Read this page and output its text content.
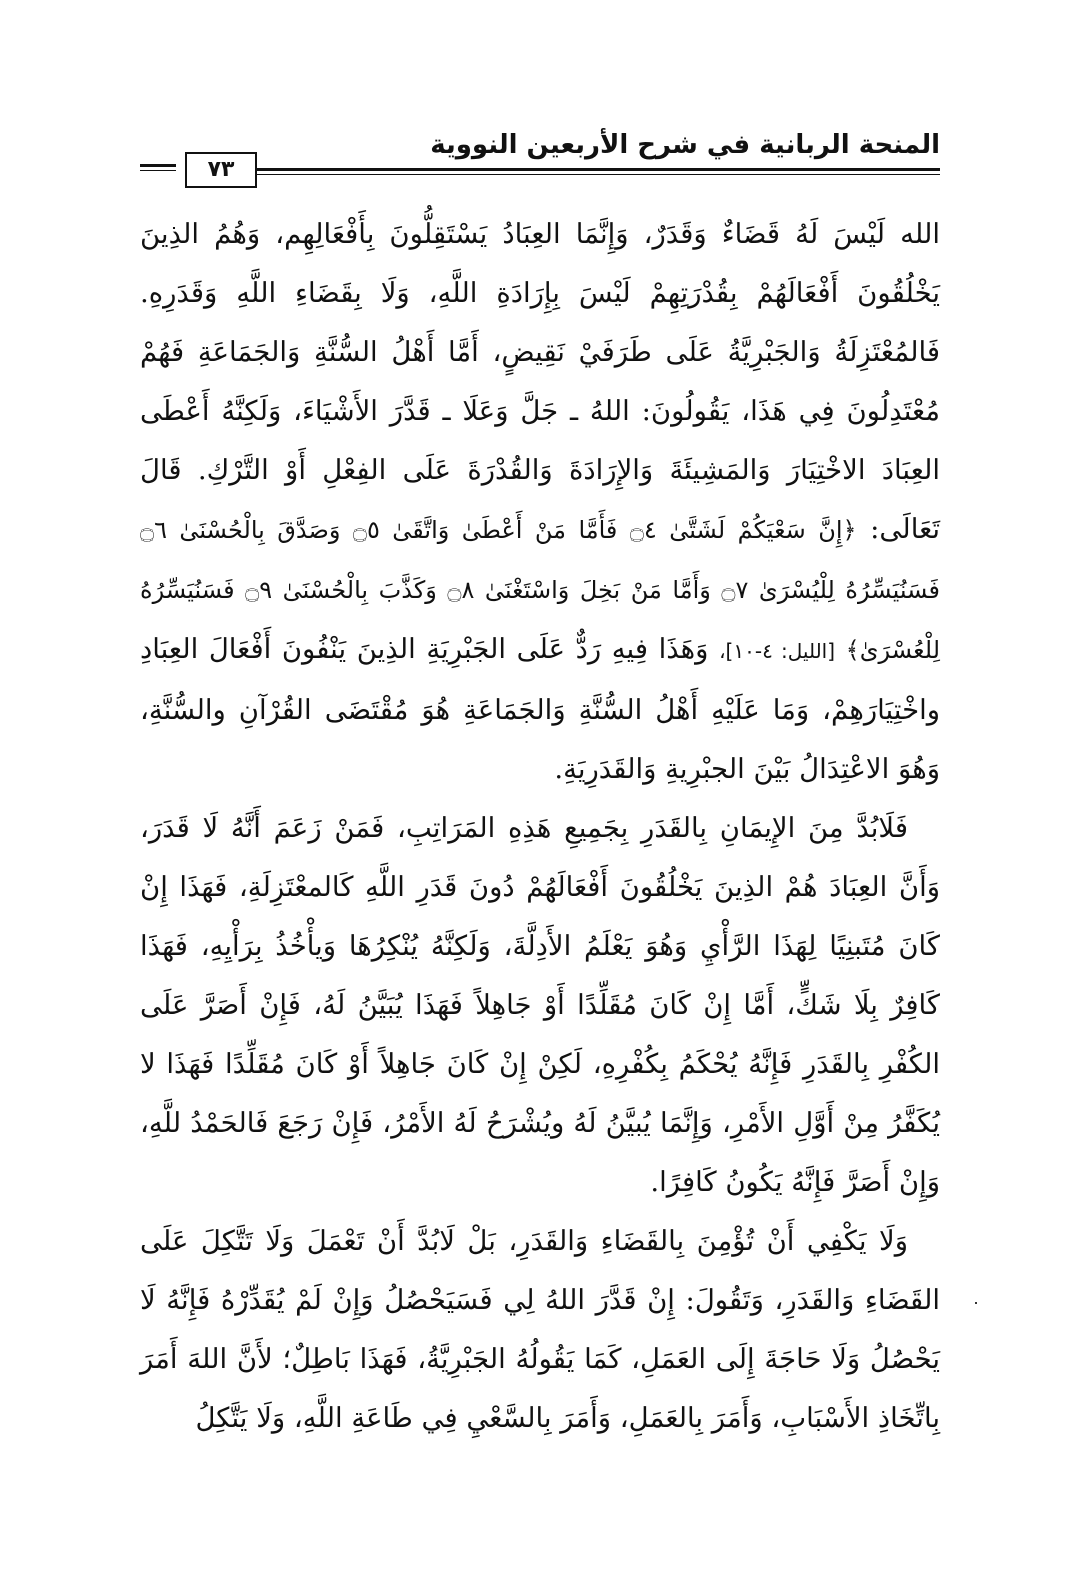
المنحة الربانية في شرح الأربعين النووية
٧٣

الله لَيْسَ لَهُ قَضَاءٌ وَقَدَرٌ، وَإِنَّمَا العِبَادُ يَسْتَقِلُّونَ بِأَفْعَالِهِم، وَهُمُ الذِينَ يَخْلُقُونَ أَفْعَالَهُمْ بِقُدْرَتِهِمْ لَيْسَ بِإِرَادَةِ اللَّهِ، وَلَا بِقَضَاءِ اللَّهِ وَقَدَرِهِ. فَالمُعْتَزِلَةُ وَالجَبْرِيَّةُ عَلَى طَرَفَيْ نَقِيضٍ، أَمَّا أَهْلُ السُّنَّةِ وَالجَمَاعَةِ فَهُمْ مُعْتَدِلُونَ فِي هَذَا، يَقُولُونَ: اللهُ ـ جَلَّ وَعَلَا ـ قَدَّرَ الأَشْيَاءَ، وَلَكِنَّهُ أَعْطَى العِبَادَ الاخْتِيَارَ وَالمَشِيئَةَ وَالإِرَادَةَ وَالقُدْرَةَ عَلَى الفِعْلِ أَوْ التَّرْكِ. قَالَ تَعَالَى: ﴿إِنَّ سَعْيَكُمْ لَشَتَّىٰ ۝٤ فَأَمَّا مَنْ أَعْطَىٰ وَاتَّقَىٰ ۝٥ وَصَدَّقَ بِالْحُسْنَىٰ ۝٦ فَسَنُيَسِّرُهُ لِلْيُسْرَىٰ ۝٧ وَأَمَّا مَنْ بَخِلَ وَاسْتَغْنَىٰ ۝٨ وَكَذَّبَ بِالْحُسْنَىٰ ۝٩ فَسَنُيَسِّرُهُ لِلْعُسْرَىٰ﴾ [الليل: ٤-١٠]، وَهَذَا فِيهِ رَدٌّ عَلَى الجَبْرِيَةِ الذِينَ يَنْفُونَ أَفْعَالَ العِبَادِ واخْتِيَارَهِمْ، وَمَا عَلَيْهِ أَهْلُ السُّنَّةِ وَالجَمَاعَةِ هُوَ مُقْتَضَى القُرْآنِ والسُّنَّةِ، وَهُوَ الاعْتِدَالُ بَيْنَ الجبْرِيةِ وَالقَدَرِيَةِ.

فَلَابُدَّ مِنَ الإِيمَانِ بِالقَدَرِ بِجَمِيعِ هَذِهِ المَرَاتِبِ، فَمَنْ زَعَمَ أَنَّهُ لَا قَدَرَ، وَأَنَّ العِبَادَ هُمْ الذِينَ يَخْلُقُونَ أَفْعَالَهُمْ دُونَ قَدَرِ اللَّهِ كَالمعْتَزِلَةِ، فَهَذَا إِنْ كَانَ مُتَبنِيًا لِهَذَا الرَّأْيِ وَهُوَ يَعْلَمُ الأَدِلَّةَ، وَلَكِنَّهُ يُنْكِرُهَا وَيأْخُذُ بِرَأْيِهِ، فَهَذَا كَافِرٌ بِلَا شَكٍّ، أَمَّا إِنْ كَانَ مُقَلِّدًا أَوْ جَاهِلاً فَهَذَا يُبَيَّنُ لَهُ، فَإِنْ أَصَرَّ عَلَى الكُفْرِ بِالقَدَرِ فَإِنَّهُ يُحْكَمُ بِكُفْرِهِ، لَكِنْ إِنْ كَانَ جَاهِلاً أَوْ كَانَ مُقَلِّدًا فَهَذَا لا يُكَفَّرُ مِنْ أَوَّلِ الأَمْرِ، وَإِنَّمَا يُبيَّنُ لَهُ ويُشْرَحُ لَهُ الأَمْرُ، فَإِنْ رَجَعَ فَالحَمْدُ للَّهِ، وَإِنْ أَصَرَّ فَإِنَّهُ يَكُونُ كَافِرًا.

وَلَا يَكْفِي أَنْ تُؤْمِنَ بِالقَضَاءِ وَالقَدَرِ، بَلْ لَابُدَّ أَنْ تَعْمَلَ وَلَا تَتَّكِلَ عَلَى القَضَاءِ وَالقَدَرِ، وَتَقُولَ: إِنْ قَدَّرَ اللهُ لِي فَسَيَحْصُلُ وَإِنْ لَمْ يُقَدِّرْهُ فَإِنَّهُ لَا يَحْصُلُ وَلَا حَاجَةَ إِلَى العَمَلِ، كَمَا يَقُولُهُ الجَبْرِيَّةُ، فَهَذَا بَاطِلٌ؛ لأَنَّ اللهَ أَمَرَ بِاتِّخَاذِ الأَسْبَابِ، وَأَمَرَ بِالعَمَلِ، وَأَمَرَ بِالسَّعْيِ فِي طَاعَةِ اللَّهِ، وَلَا يَتَّكِلُ
